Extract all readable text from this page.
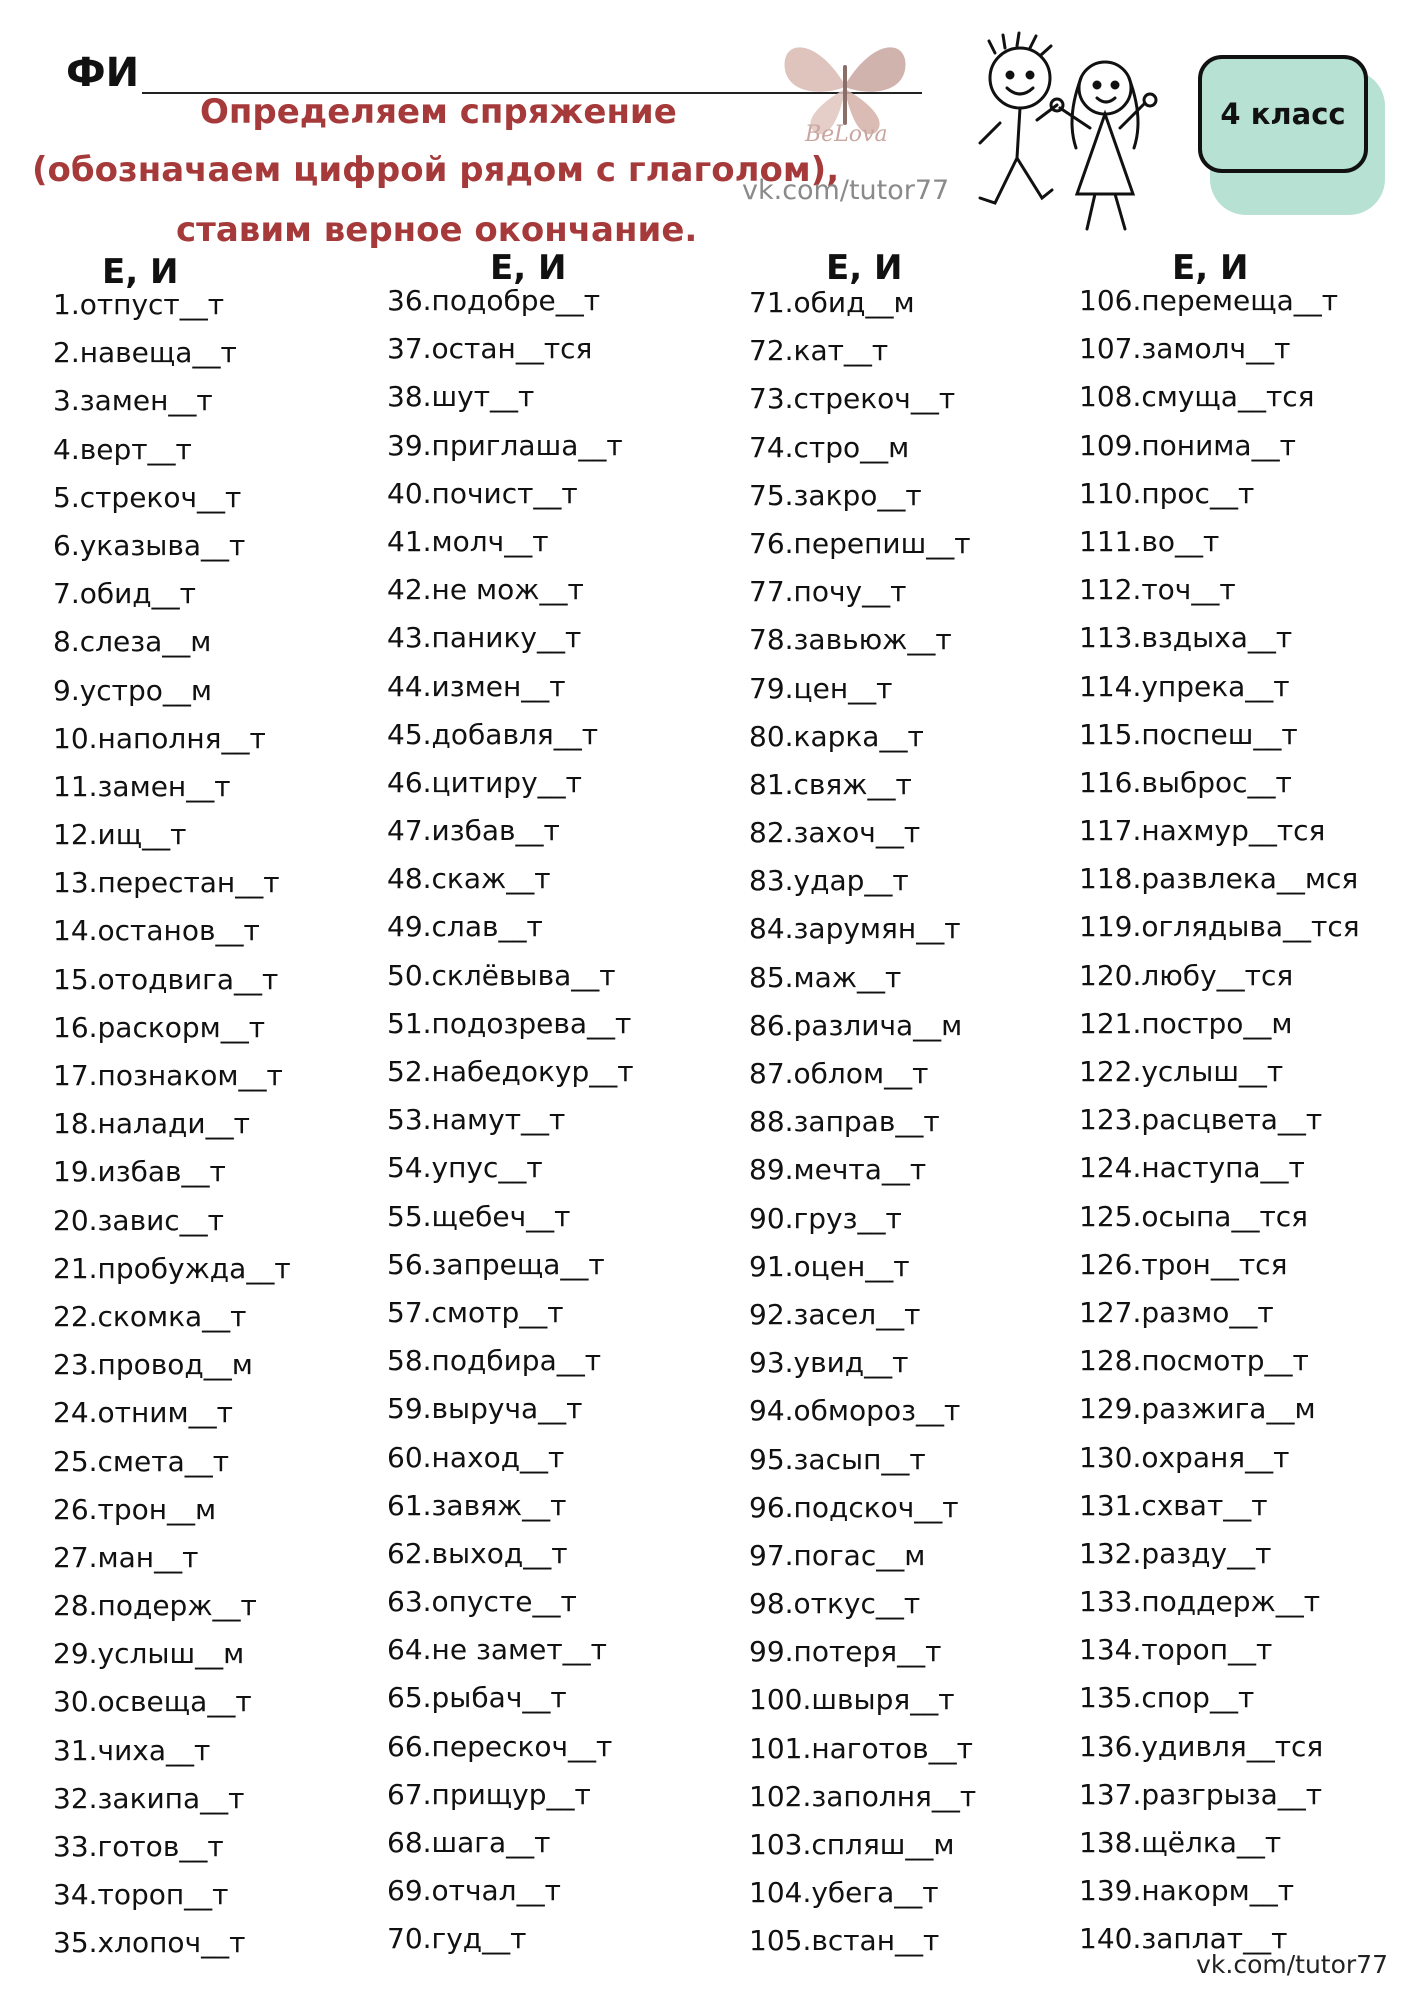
ФИ
Определяем спряжение
(обозначаем цифрой рядом с глаголом),
ставим верное окончание.
BeLova
vk.com/tutor77
4 класс
Е, И	Е, И	Е, И	Е, И
1.отпуст__т
2.навеща__т
3.замен__т
4.верт__т
5.стрекоч__т
6.указыва__т
7.обид__т
8.слеза__м
9.устро__м
10.наполня__т
11.замен__т
12.ищ__т
13.перестан__т
14.останов__т
15.отодвига__т
16.раскорм__т
17.познаком__т
18.налади__т
19.избав__т
20.завис__т
21.пробужда__т
22.скомка__т
23.провод__м
24.отним__т
25.смета__т
26.трон__м
27.ман__т
28.подерж__т
29.услыш__м
30.освеща__т
31.чиха__т
32.закипа__т
33.готов__т
34.тороп__т
35.хлопоч__т
36.подобре__т
37.остан__тся
38.шут__т
39.приглаша__т
40.почист__т
41.молч__т
42.не мож__т
43.панику__т
44.измен__т
45.добавля__т
46.цитиру__т
47.избав__т
48.скаж__т
49.слав__т
50.склёвыва__т
51.подозрева__т
52.набедокур__т
53.намут__т
54.упус__т
55.щебеч__т
56.запреща__т
57.смотр__т
58.подбира__т
59.выруча__т
60.наход__т
61.завяж__т
62.выход__т
63.опусте__т
64.не замет__т
65.рыбач__т
66.перескоч__т
67.прищур__т
68.шага__т
69.отчал__т
70.гуд__т
71.обид__м
72.кат__т
73.стрекоч__т
74.стро__м
75.закро__т
76.перепиш__т
77.почу__т
78.завьюж__т
79.цен__т
80.карка__т
81.свяж__т
82.захоч__т
83.удар__т
84.зарумян__т
85.маж__т
86.различа__м
87.облом__т
88.заправ__т
89.мечта__т
90.груз__т
91.оцен__т
92.засел__т
93.увид__т
94.обмороз__т
95.засып__т
96.подскоч__т
97.погас__м
98.откус__т
99.потеря__т
100.швыря__т
101.наготов__т
102.заполня__т
103.спляш__м
104.убега__т
105.встан__т
106.перемеща__т
107.замолч__т
108.смуща__тся
109.понима__т
110.прос__т
111.во__т
112.точ__т
113.вздыха__т
114.упрека__т
115.поспеш__т
116.выброс__т
117.нахмур__тся
118.развлека__мся
119.оглядыва__тся
120.любу__тся
121.постро__м
122.услыш__т
123.расцвета__т
124.наступа__т
125.осыпа__тся
126.трон__тся
127.размо__т
128.посмотр__т
129.разжига__м
130.охраня__т
131.схват__т
132.разду__т
133.поддерж__т
134.тороп__т
135.спор__т
136.удивля__тся
137.разгрыза__т
138.щёлка__т
139.накорм__т
140.заплат__т
vk.com/tutor77
